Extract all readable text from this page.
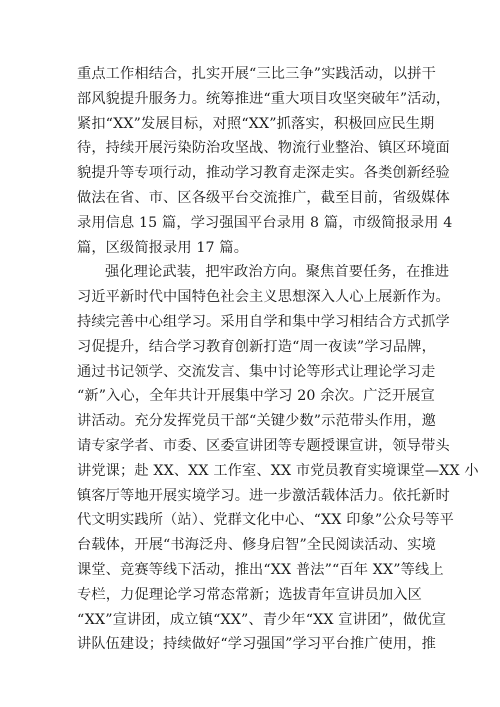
重点工作相结合，扎实开展“三比三争”实践活动，以拼干
部风貌提升服务力。统筹推进“重大项目攻坚突破年”活动，
紧扣“XX”发展目标，对照“XX”抓落实，积极回应民生期
待，持续开展污染防治攻坚战、物流行业整治、镇区环境面
貌提升等专项行动，推动学习教育走深走实。各类创新经验
做法在省、市、区各级平台交流推广，截至目前，省级媒体
录用信息 15 篇，学习强国平台录用 8 篇，市级简报录用 4
篇，区级简报录用 17 篇。
强化理论武装，把牢政治方向。聚焦首要任务，在推进
习近平新时代中国特色社会主义思想深入人心上展新作为。
持续完善中心组学习。采用自学和集中学习相结合方式抓学
习促提升，结合学习教育创新打造“周一夜读”学习品牌，
通过书记领学、交流发言、集中讨论等形式让理论学习走
“新”入心，全年共计开展集中学习 20 余次。广泛开展宣
讲活动。充分发挥党员干部“关键少数”示范带头作用，邀
请专家学者、市委、区委宣讲团等专题授课宣讲，领导带头
讲党课；赴 XX、XX 工作室、XX 市党员教育实境课堂—XX 小
镇客厅等地开展实境学习。进一步激活载体活力。依托新时
代文明实践所（站）、党群文化中心、“XX 印象”公众号等平
台载体，开展“书海泛舟、修身启智”全民阅读活动、实境
课堂、竞赛等线下活动，推出“XX 普法”“百年 XX”等线上
专栏，力促理论学习常态常新；选拔青年宣讲员加入区
“XX”宣讲团，成立镇“XX”、青少年“XX 宣讲团”，做优宣
讲队伍建设；持续做好“学习强国”学习平台推广使用，推
